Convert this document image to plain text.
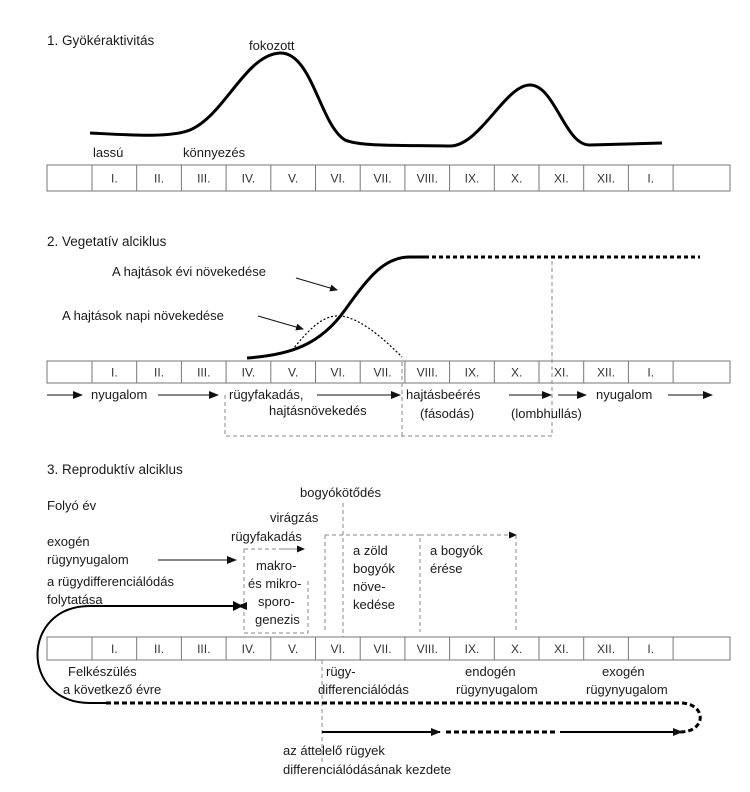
1. Gyökéraktivitás	fokozott
lassú	könnyezés
I.	II.	III.	IV.	V.	VI. VII. VIII. IX.	X.	XI. XII.	I.
2. Vegetatív alciklus
A hajtások évi növekedése
A hajtások napi növekedése
I.	II.	III.	IV.	V.	VI. VII. VIII. IX.	X.	XI. XII.	I.
nyugalom	rügyfakadás,
hajtásnövekedés
hajtásbeérés
(fásodás)	(lombhullás)
nyugalom
3. Reproduktív alciklus
Folyó év
bogyókötődés
virágzás
rügyfakadás
exogén
rügynyugalom
a rügydifferenciálódás
folytatása
makro-
és mikro-
sporo-
genezis
a zöld
bogyók
növe-
kedése
a bogyók
érése
I.	II.	III.	IV.	V.	VI. VII. VIII. IX.	X.	XI. XII.	I.
Felkészülés
a következő évre
rügy-
differenciálódás
endogén
rügynyugalom
exogén
rügynyugalom
az áttelelő rügyek
differenciálódásának kezdete
